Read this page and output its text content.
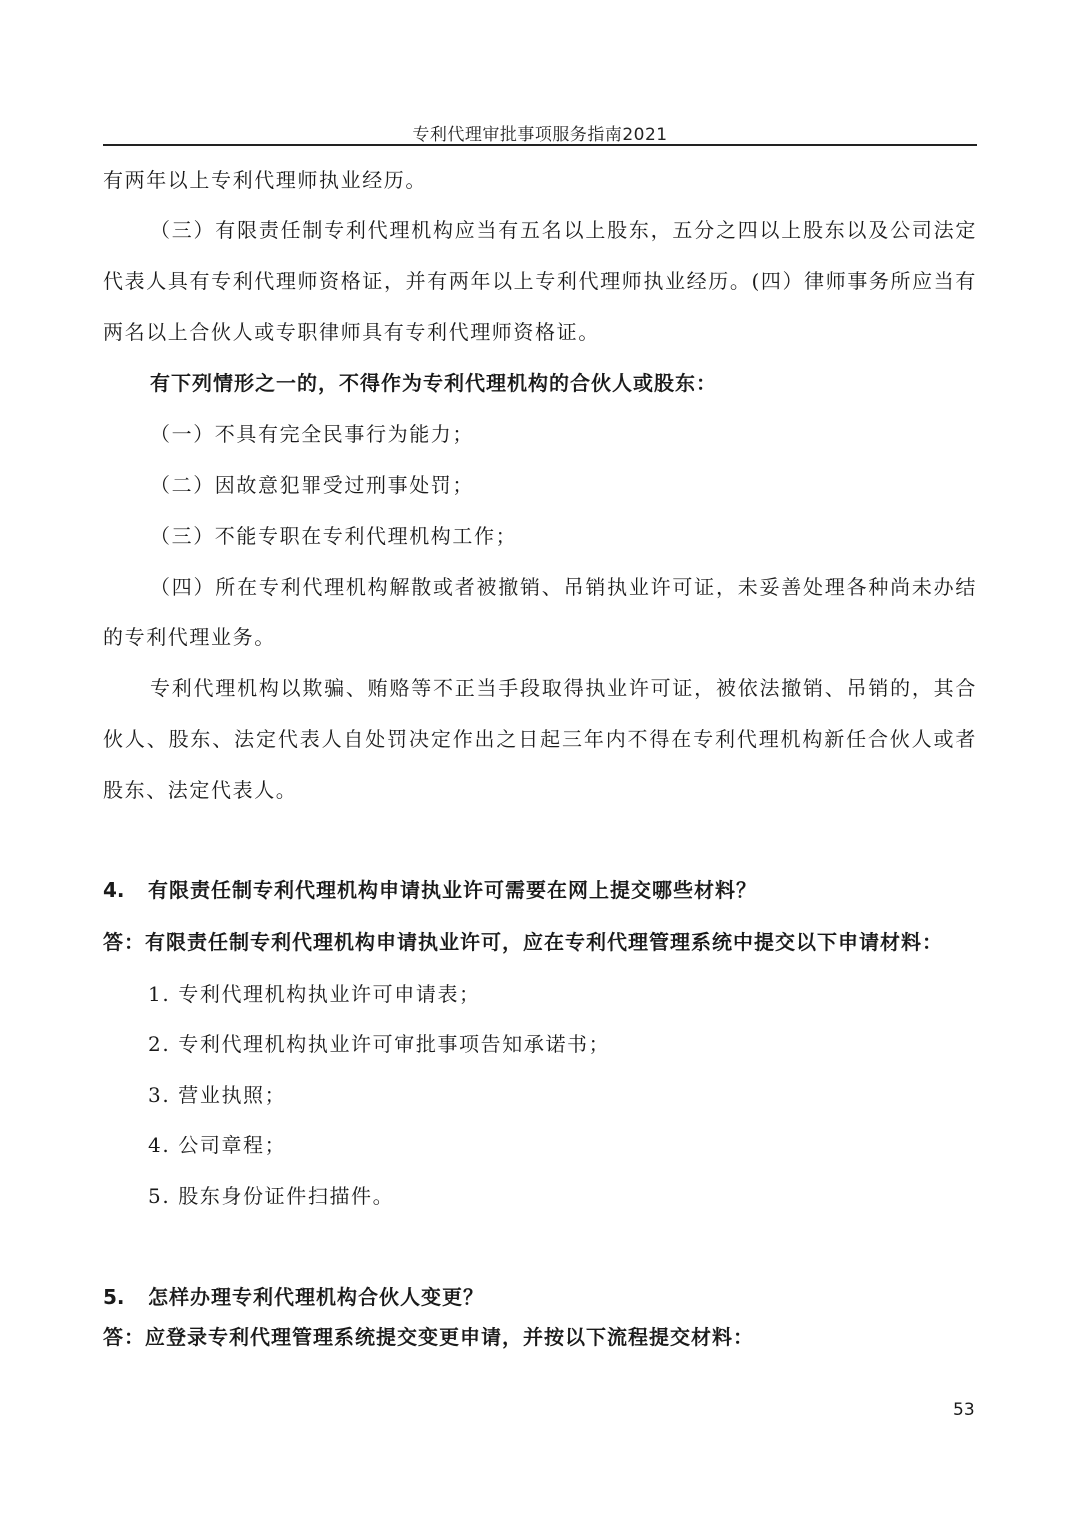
专利代理审批事项服务指南2021
有两年以上专利代理师执业经历。
（三）有限责任制专利代理机构应当有五名以上股东，五分之四以上股东以及公司法定
代表人具有专利代理师资格证，并有两年以上专利代理师执业经历。(四）律师事务所应当有
两名以上合伙人或专职律师具有专利代理师资格证。
有下列情形之一的，不得作为专利代理机构的合伙人或股东：
（一）不具有完全民事行为能力；
（二）因故意犯罪受过刑事处罚；
（三）不能专职在专利代理机构工作；
（四）所在专利代理机构解散或者被撤销、吊销执业许可证，未妥善处理各种尚未办结
的专利代理业务。
专利代理机构以欺骗、贿赂等不正当手段取得执业许可证，被依法撤销、吊销的，其合
伙人、股东、法定代表人自处罚决定作出之日起三年内不得在专利代理机构新任合伙人或者
股东、法定代表人。
4. 有限责任制专利代理机构申请执业许可需要在网上提交哪些材料？
答：有限责任制专利代理机构申请执业许可，应在专利代理管理系统中提交以下申请材料：
1. 专利代理机构执业许可申请表；
2. 专利代理机构执业许可审批事项告知承诺书；
3. 营业执照；
4. 公司章程；
5. 股东身份证件扫描件。
5. 怎样办理专利代理机构合伙人变更？
答：应登录专利代理管理系统提交变更申请，并按以下流程提交材料：
53
